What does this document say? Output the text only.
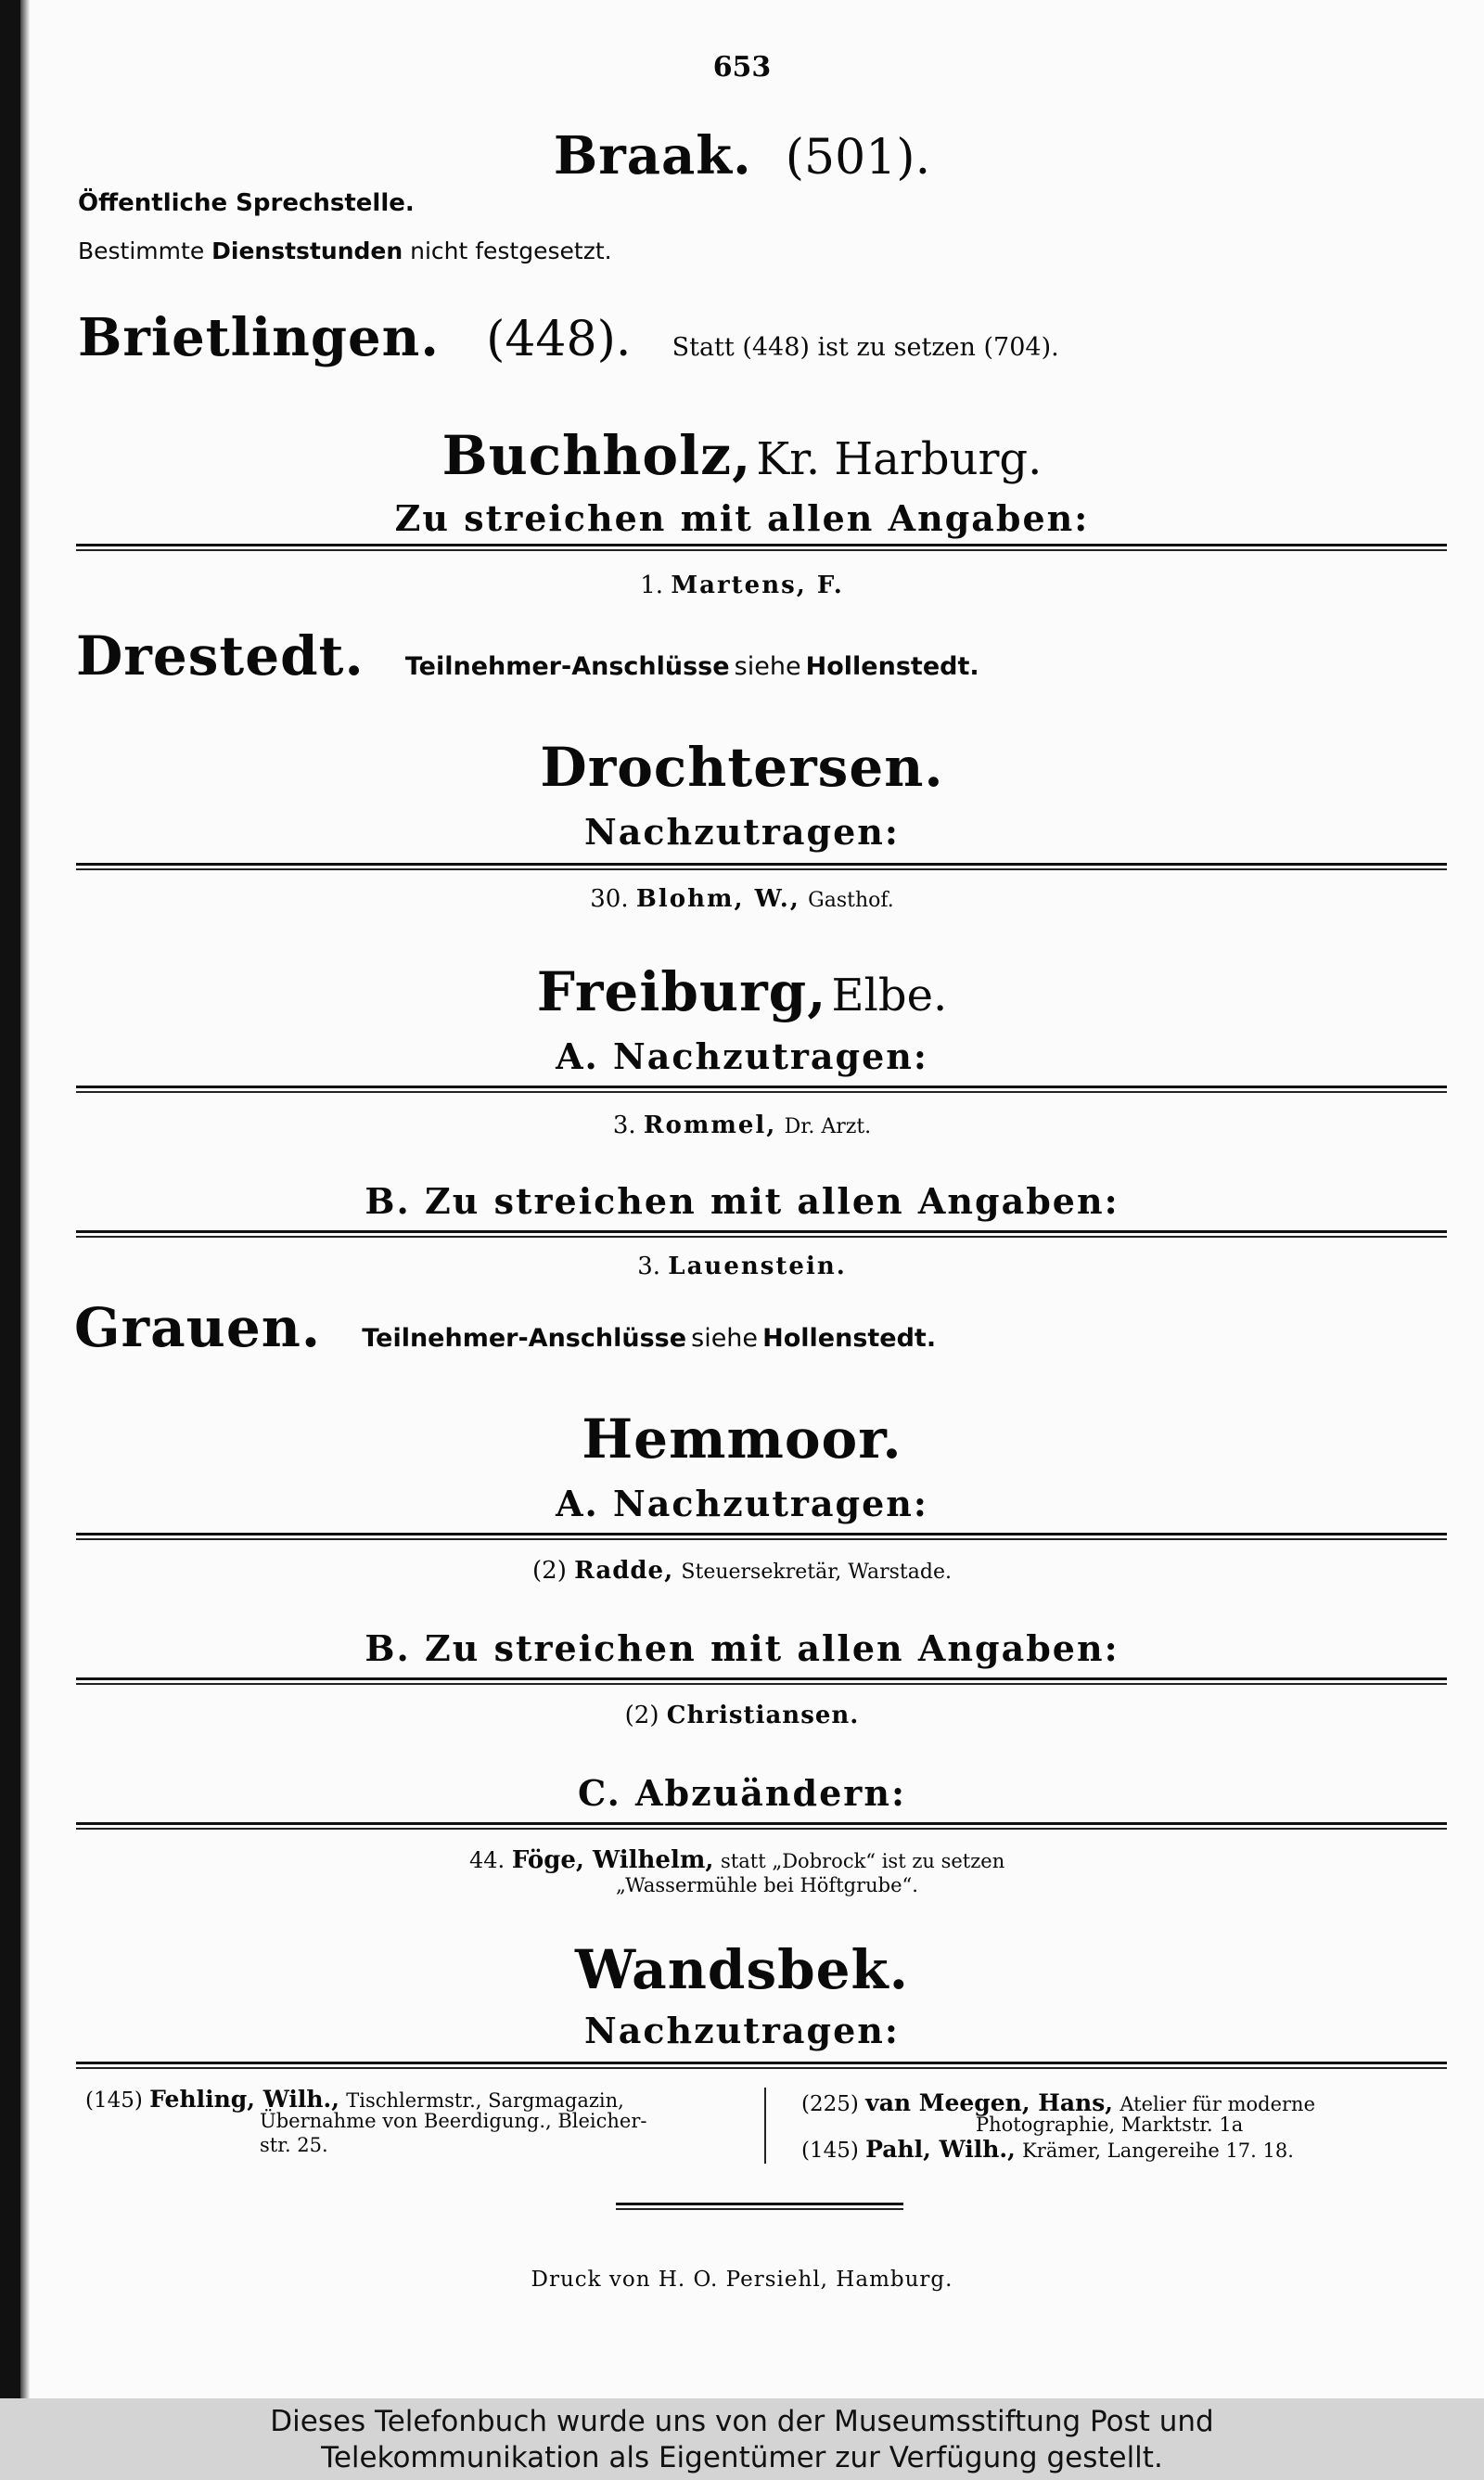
653
Braak. (501).
Öffentliche Sprechstelle.
Bestimmte Dienststunden nicht festgesetzt.
Brietlingen. (448). Statt (448) ist zu setzen (704).
Buchholz, Kr. Harburg.
Zu streichen mit allen Angaben:
1. Martens, F.
Drestedt. Teilnehmer-Anschlüsse siehe Hollenstedt.
Drochtersen.
Nachzutragen:
30. Blohm, W., Gasthof.
Freiburg, Elbe.
A. Nachzutragen:
3. Rommel, Dr. Arzt.
B. Zu streichen mit allen Angaben:
3. Lauenstein.
Grauen. Teilnehmer-Anschlüsse siehe Hollenstedt.
Hemmoor.
A. Nachzutragen:
(2) Radde, Steuersekretär, Warstade.
B. Zu streichen mit allen Angaben:
(2) Christiansen.
C. Abzuändern:
44. Föge, Wilhelm, statt „Dobrock“ ist zu setzen
„Wassermühle bei Höftgrube“.
Wandsbek.
Nachzutragen:
(145) Fehling, Wilh., Tischlermstr., Sargmagazin,
Übernahme von Beerdigung., Bleicher-
str. 25.
(225) van Meegen, Hans, Atelier für moderne
Photographie, Marktstr. 1a
(145) Pahl, Wilh., Krämer, Langereihe 17. 18.
Druck von H. O. Persiehl, Hamburg.
Dieses Telefonbuch wurde uns von der Museumsstiftung Post und
Telekommunikation als Eigentümer zur Verfügung gestellt.
